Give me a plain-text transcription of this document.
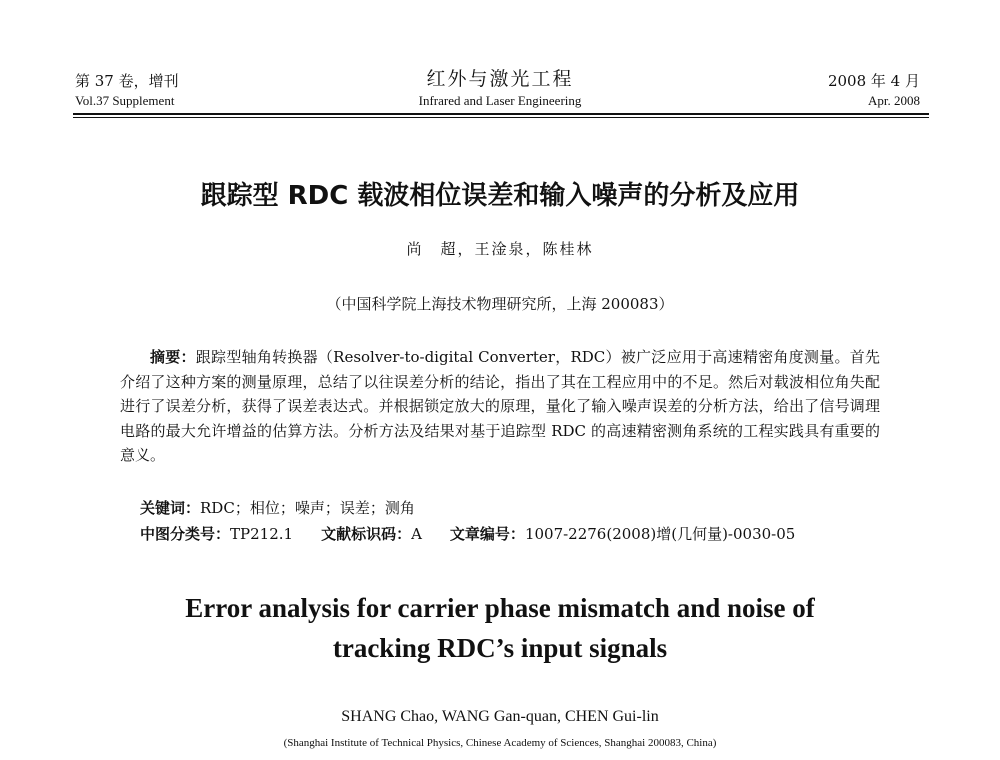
第 37 卷，增刊
Vol.37 Supplement
红外与激光工程
Infrared and Laser Engineering
2008 年 4 月
Apr. 2008
跟踪型 RDC 载波相位误差和输入噪声的分析及应用
尚　超，王淦泉，陈桂林
（中国科学院上海技术物理研究所，上海 200083）

摘要：跟踪型轴角转换器（Resolver-to-digital Converter，RDC）被广泛应用于高速精密角度测量。首先介绍了这种方案的测量原理，总结了以往误差分析的结论，指出了其在工程应用中的不足。然后对载波相位角失配进行了误差分析，获得了误差表达式。并根据锁定放大的原理，量化了输入噪声误差的分析方法，给出了信号调理电路的最大允许增益的估算方法。分析方法及结果对基于追踪型 RDC 的高速精密测角系统的工程实践具有重要的意义。

关键词：RDC；相位；噪声；误差；测角
中图分类号：TP212.1 文献标识码：A 文章编号：1007-2276(2008)增(几何量)-0030-05
Error analysis for carrier phase mismatch and noise of
tracking RDC’s input signals
SHANG Chao, WANG Gan-quan, CHEN Gui-lin
(Shanghai Institute of Technical Physics, Chinese Academy of Sciences, Shanghai 200083, China)
